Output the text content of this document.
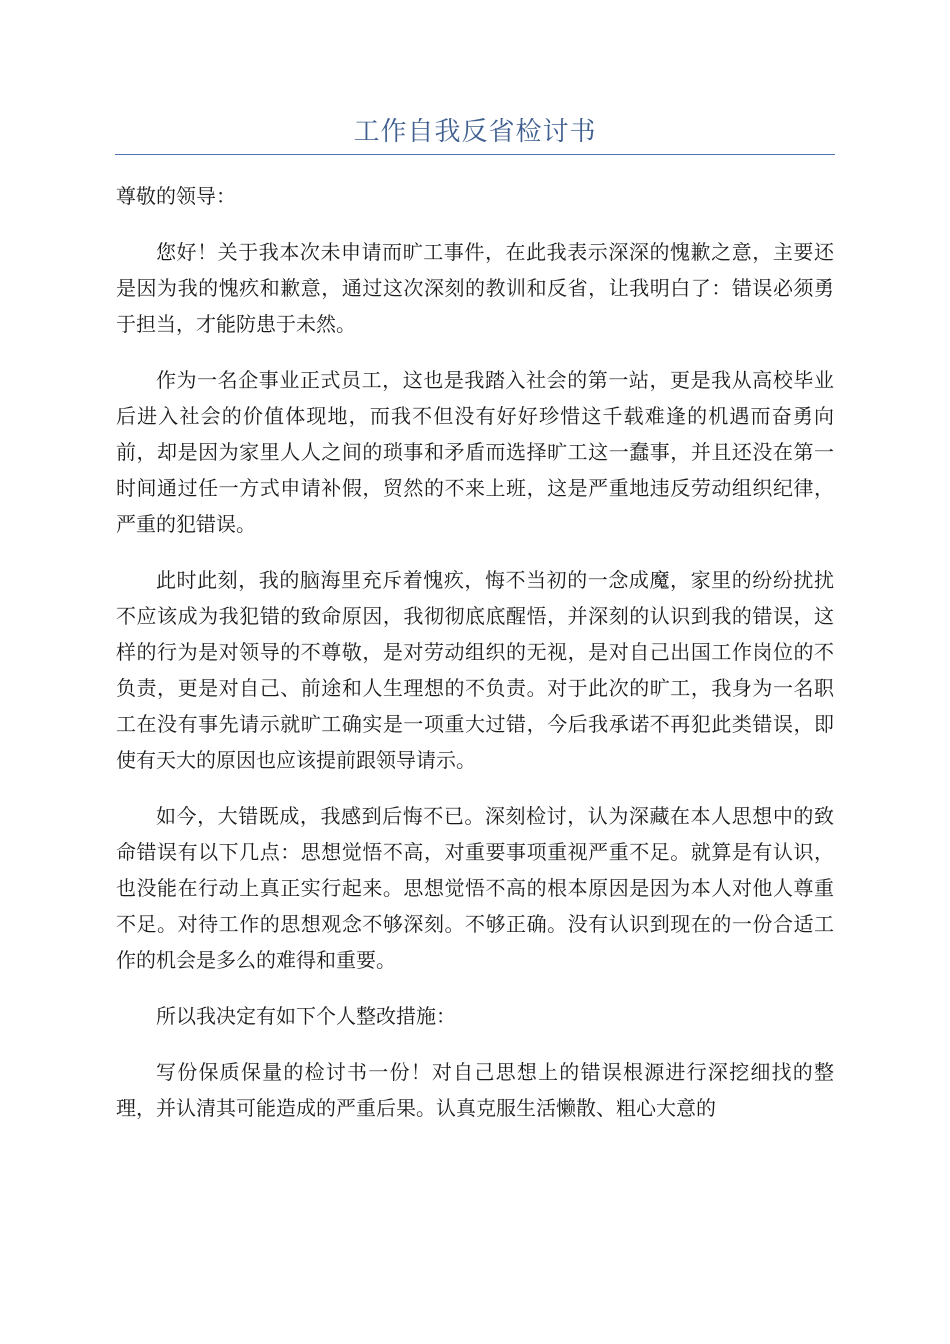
工作自我反省检讨书

尊敬的领导：

您好！关于我本次未申请而旷工事件，在此我表示深深的愧歉之意，主要还是因为我的愧疚和歉意，通过这次深刻的教训和反省，让我明白了：错误必须勇于担当，才能防患于未然。

作为一名企事业正式员工，这也是我踏入社会的第一站，更是我从高校毕业后进入社会的价值体现地，而我不但没有好好珍惜这千载难逢的机遇而奋勇向前，却是因为家里人人之间的琐事和矛盾而选择旷工这一蠢事，并且还没在第一时间通过任一方式申请补假，贸然的不来上班，这是严重地违反劳动组织纪律，严重的犯错误。

此时此刻，我的脑海里充斥着愧疚，悔不当初的一念成魔，家里的纷纷扰扰不应该成为我犯错的致命原因，我彻彻底底醒悟，并深刻的认识到我的错误，这样的行为是对领导的不尊敬，是对劳动组织的无视，是对自己出国工作岗位的不负责，更是对自己、前途和人生理想的不负责。对于此次的旷工，我身为一名职工在没有事先请示就旷工确实是一项重大过错，今后我承诺不再犯此类错误，即使有天大的原因也应该提前跟领导请示。

如今，大错既成，我感到后悔不已。深刻检讨，认为深藏在本人思想中的致命错误有以下几点：思想觉悟不高，对重要事项重视严重不足。就算是有认识，也没能在行动上真正实行起来。思想觉悟不高的根本原因是因为本人对他人尊重不足。对待工作的思想观念不够深刻。不够正确。没有认识到现在的一份合适工作的机会是多么的难得和重要。

所以我决定有如下个人整改措施：

写份保质保量的检讨书一份！对自己思想上的错误根源进行深挖细找的整理，并认清其可能造成的严重后果。认真克服生活懒散、粗心大意的
